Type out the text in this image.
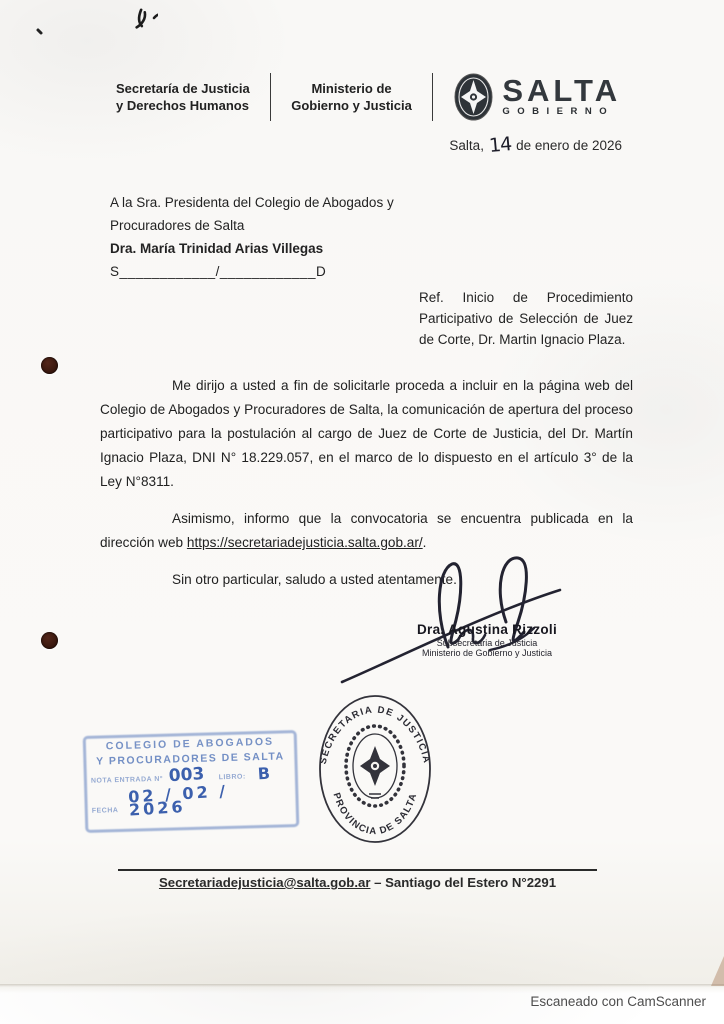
Secretaría de Justicia
y Derechos Humanos
Ministerio de
Gobierno y Justicia	SALTA
GOBIERNO
Salta, 14 de enero de 2026
A la Sra. Presidenta del Colegio de Abogados y
Procuradores de Salta
Dra. María Trinidad Arias Villegas
S____________/____________D
Ref. Inicio de Procedimiento Participativo de Selección de Juez de Corte, Dr. Martin Ignacio Plaza.

Me dirijo a usted a fin de solicitarle proceda a incluir en la página web del Colegio de Abogados y Procuradores de Salta, la comunicación de apertura del proceso participativo para la postulación al cargo de Juez de Corte de Justicia, del Dr. Martín Ignacio Plaza, DNI N° 18.229.057, en el marco de lo dispuesto en el artículo 3° de la Ley N°8311.

Asimismo, informo que la convocatoria se encuentra publicada en la dirección web https://secretariadejusticia.salta.gob.ar/.

Sin otro particular, saludo a usted atentamente.

Dra. Agustina Rizzoli
Subsecretaria de Justicia
Ministerio de Gobierno y Justicia
COLEGIO DE ABOGADOS
Y PROCURADORES DE SALTA
NOTA ENTRADA N° 003 LIBRO: B
FECHA
02 / 02 / 2026
SECRETARIA DE JUSTICIA
PROVINCIA DE SALTA
Secretariadejusticia@salta.gob.ar – Santiago del Estero N°2291
Escaneado con CamScanner
